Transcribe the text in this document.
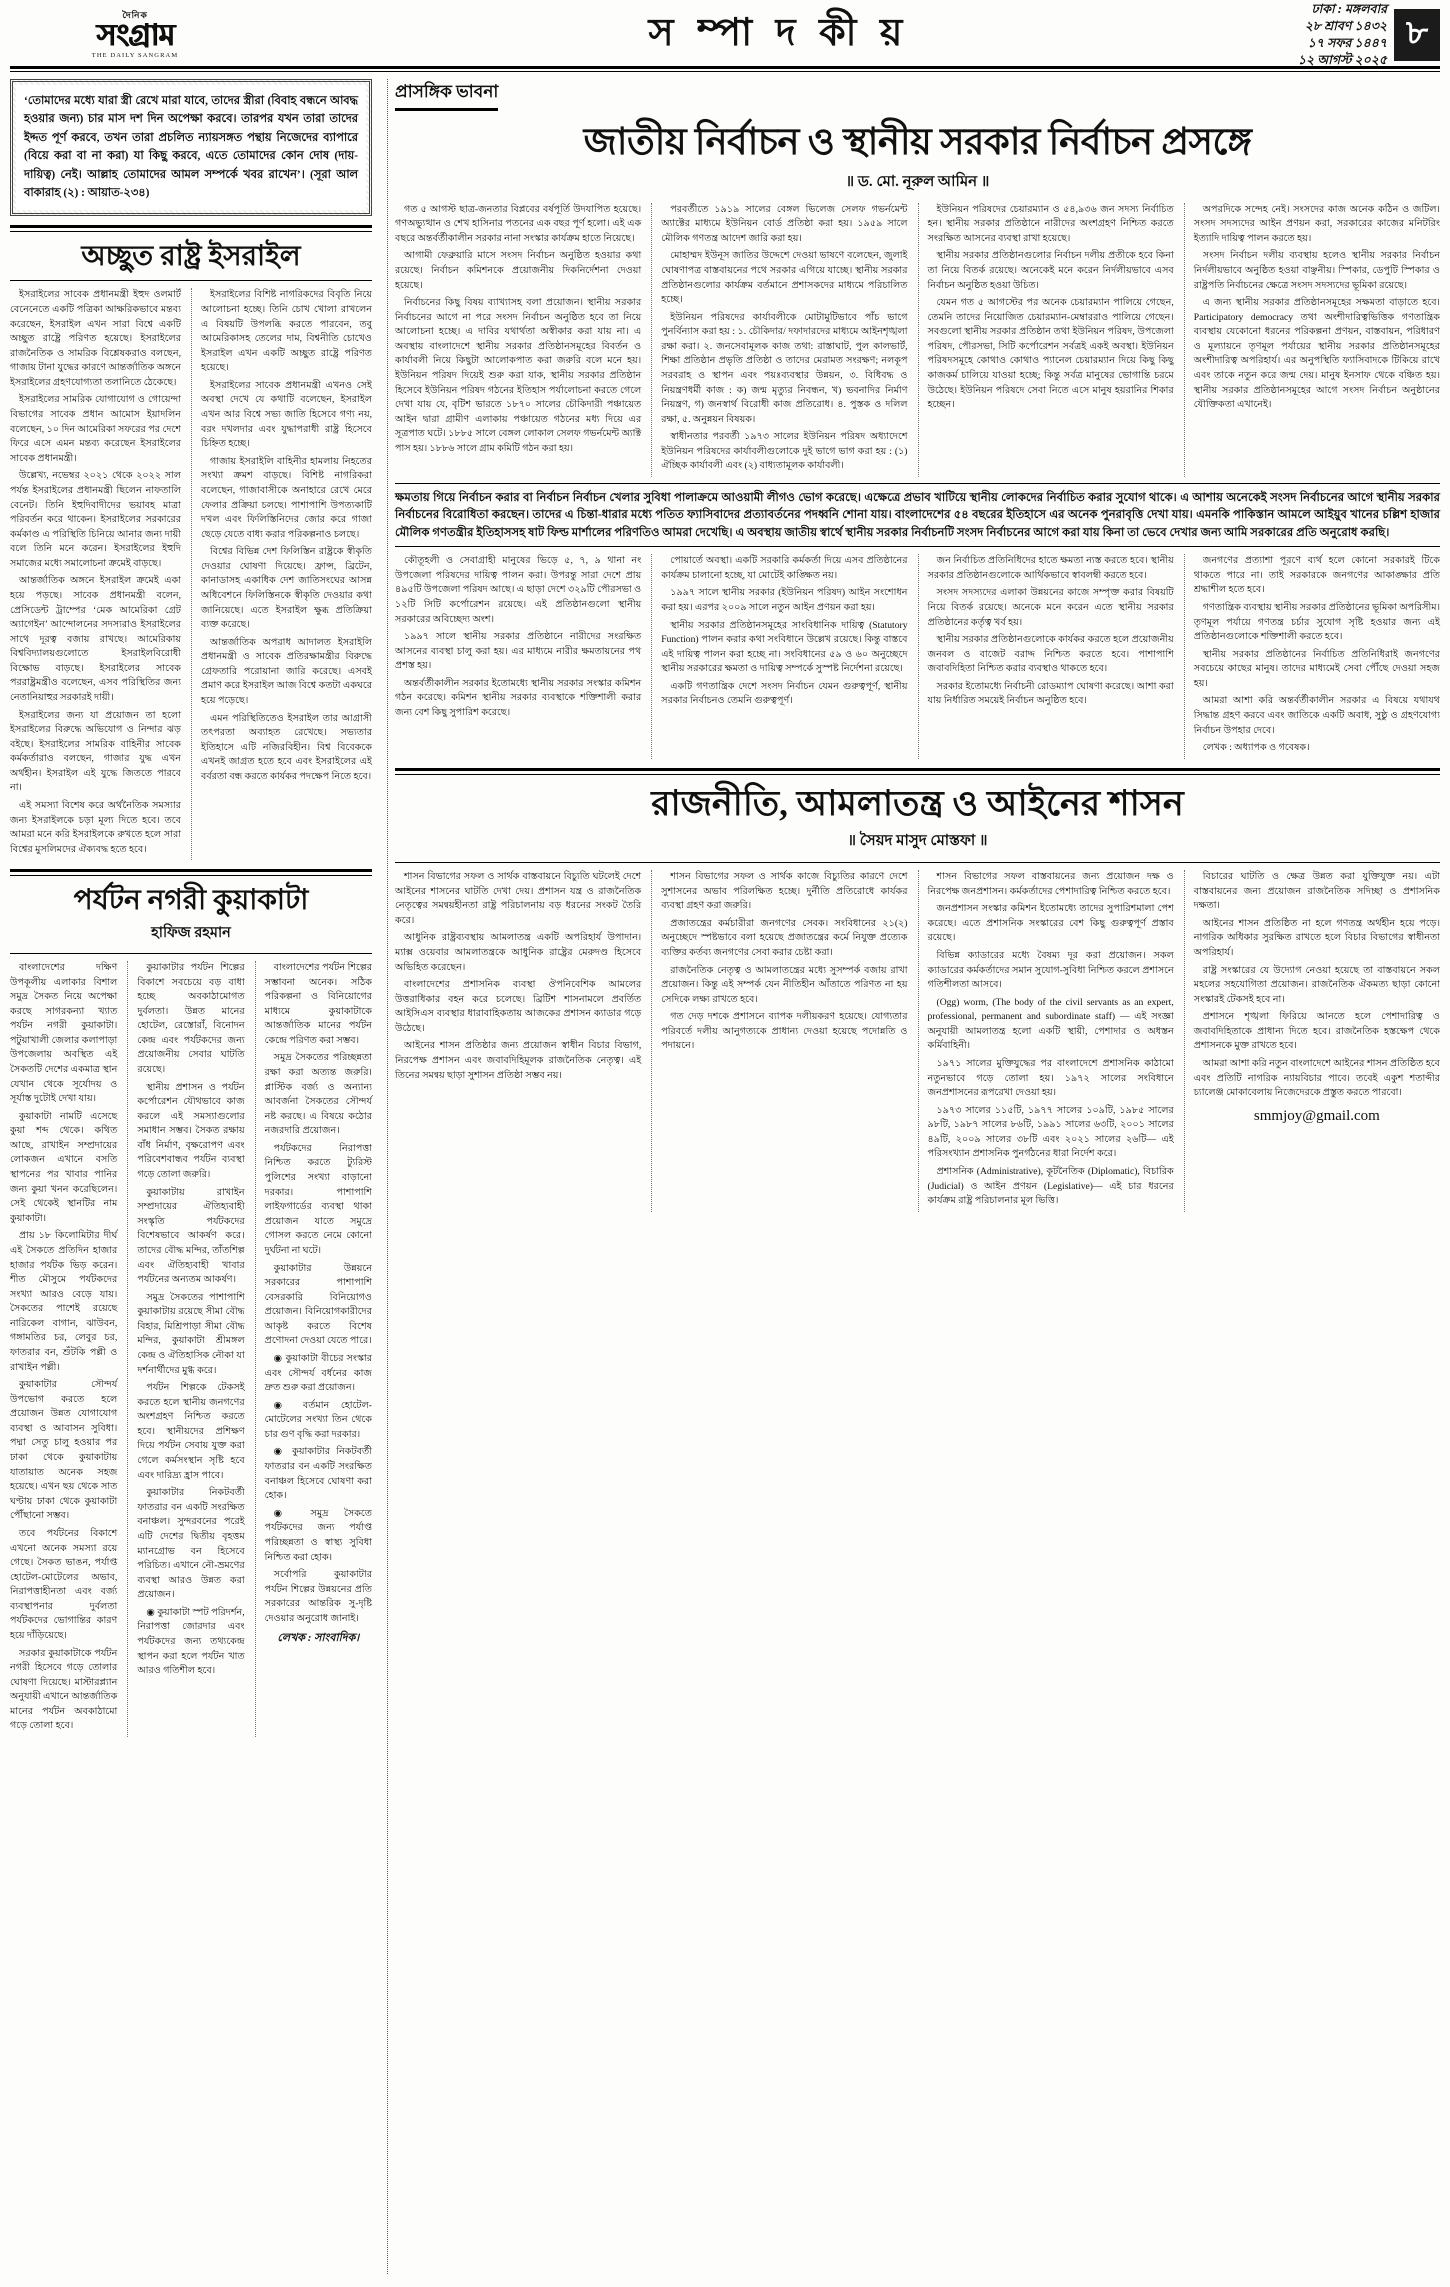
দৈনিক
সংগ্রাম
THE DAILY SANGRAM
স ম্পা দ কী য়
ঢাকা : মঙ্গলবার
২৮ শ্রাবণ ১৪৩২
১৭ সফর ১৪৪৭
১২ আগস্ট ২০২৫
৮
‘তোমাদের মধ্যে যারা স্ত্রী রেখে মারা যাবে, তাদের স্ত্রীরা (বিবাহ বন্ধনে আবদ্ধ হওয়ার জন্য) চার মাস দশ দিন অপেক্ষা করবে। তারপর যখন তারা তাদের ইদ্দত পূর্ণ করবে, তখন তারা প্রচলিত ন্যায়সঙ্গত পন্থায় নিজেদের ব্যাপারে (বিয়ে করা বা না করা) যা কিছু করবে, এতে তোমাদের কোন দোষ (দায়-দায়িত্ব) নেই। আল্লাহ তোমাদের আমল সম্পর্কে খবর রাখেন’। (সূরা আল বাকারাহ (২) : আয়াত-২৩৪)
অচ্ছুত রাষ্ট্র ইসরাইল

ইসরাইলের সাবেক প্রধানমন্ত্রী ইহুদ ওলমার্ট বেনেনেতে একটি পত্রিকা আক্ষরিকভাবে মন্তব্য করেছেন, ইসরাইল এখন সারা বিশ্বে একটি অচ্ছুত রাষ্ট্রে পরিণত হয়েছে। ইসরাইলের রাজনৈতিক ও সামরিক বিশ্লেষকরাও বলছেন, গাজায় টানা যুদ্ধের কারণে আন্তর্জাতিক অঙ্গনে ইসরাইলের গ্রহণযোগ্যতা তলানিতে ঠেকেছে।

ইসরাইলের সামরিক যোগাযোগ ও গোয়েন্দা বিভাগের সাবেক প্রধান আমোস ইয়াদলিন বলেছেন, ১০ দিন আমেরিকা সফরের পর দেশে ফিরে এসে এমন মন্তব্য করেছেন ইসরাইলের সাবেক প্রধানমন্ত্রী।

উল্লেখ্য, নভেম্বর ২০২১ থেকে ২০২২ সাল পর্যন্ত ইসরাইলের প্রধানমন্ত্রী ছিলেন নাফতালি বেনেট। তিনি ইহুদিবাদীদের ভয়াবহ মাত্রা পরিবর্তন করে থাকেন। ইসরাইলের সরকারের কর্মকাণ্ড এ পরিস্থিতি চিনিয়ে আনার জন্য দায়ী বলে তিনি মনে করেন। ইসরাইলের ইহুদি সমাজের মধ্যে সমালোচনা ক্রমেই বাড়ছে।

আন্তর্জাতিক অঙ্গনে ইসরাইল ক্রমেই একা হয়ে পড়ছে। সাবেক প্রধানমন্ত্রী বলেন, প্রেসিডেন্ট ট্রাম্পের ‘মেক আমেরিকা গ্রেট অ্যাগেইন’ আন্দোলনের সদস্যরাও ইসরাইলের সাথে দূরত্ব বজায় রাখছে। আমেরিকায় বিশ্ববিদ্যালয়গুলোতে ইসরাইলবিরোধী বিক্ষোভ বাড়ছে। ইসরাইলের সাবেক পররাষ্ট্রমন্ত্রীও বলেছেন, এসব পরিস্থিতির জন্য নেতানিয়াহুর সরকারই দায়ী।

ইসরাইলের জন্য যা প্রয়োজন তা হলো ইসরাইলের বিরুদ্ধে অভিযোগ ও নিন্দার ঝড় বইছে। ইসরাইলের সামরিক বাহিনীর সাবেক কর্মকর্তারাও বলছেন, গাজার যুদ্ধ এখন অর্থহীন। ইসরাইল এই যুদ্ধে জিততে পারবে না।

এই সমস্যা বিশেষ করে অর্থনৈতিক সমস্যার জন্য ইসরাইলকে চড়া মূল্য দিতে হবে। তবে আমরা মনে করি ইসরাইলকে রুখতে হলে সারা বিশ্বের মুসলিমদের ঐক্যবদ্ধ হতে হবে।

ইসরাইলের বিশিষ্ট নাগরিকদের বিবৃতি নিয়ে আলোচনা হচ্ছে। তিনি চোখ খোলা রাখলেন এ বিষয়টি উপলব্ধি করতে পারবেন, তবু আমেরিকাসহ তেলের দাম, বিশ্বনীতি চোখেও ইসরাইল এখন একটি অচ্ছুত রাষ্ট্রে পরিণত হয়েছে।

ইসরাইলের সাবেক প্রধানমন্ত্রী এখনও সেই অবস্থা দেখে যে কথাটি বলেছেন, ইসরাইল এখন আর বিশ্বে সভ্য জাতি হিসেবে গণ্য নয়, বরং দখলদার এবং যুদ্ধাপরাধী রাষ্ট্র হিসেবে চিহ্নিত হচ্ছে।

গাজায় ইসরাইলি বাহিনীর হামলায় নিহতের সংখ্যা ক্রমশ বাড়ছে। বিশিষ্ট নাগরিকরা বলেছেন, গাজাবাসীকে অনাহারে রেখে মেরে ফেলার প্রক্রিয়া চলছে। পাশাপাশি উপত্যকাটি দখল এবং ফিলিস্তিনিদের জোর করে গাজা ছেড়ে যেতে বাধ্য করার পরিকল্পনাও চলছে।

বিশ্বের বিভিন্ন দেশ ফিলিস্তিন রাষ্ট্রকে স্বীকৃতি দেওয়ার ঘোষণা দিয়েছে। ফ্রান্স, ব্রিটেন, কানাডাসহ একাধিক দেশ জাতিসংঘের আসন্ন অধিবেশনে ফিলিস্তিনকে স্বীকৃতি দেওয়ার কথা জানিয়েছে। এতে ইসরাইল ক্ষুব্ধ প্রতিক্রিয়া ব্যক্ত করেছে।

আন্তর্জাতিক অপরাধ আদালত ইসরাইলি প্রধানমন্ত্রী ও সাবেক প্রতিরক্ষামন্ত্রীর বিরুদ্ধে গ্রেফতারি পরোয়ানা জারি করেছে। এসবই প্রমাণ করে ইসরাইল আজ বিশ্বে কতটা একঘরে হয়ে পড়েছে।

এমন পরিস্থিতিতেও ইসরাইল তার আগ্রাসী তৎপরতা অব্যাহত রেখেছে। সভ্যতার ইতিহাসে এটি নজিরবিহীন। বিশ্ব বিবেককে এখনই জাগ্রত হতে হবে এবং ইসরাইলের এই বর্বরতা বন্ধ করতে কার্যকর পদক্ষেপ নিতে হবে।

পর্যটন নগরী কুয়াকাটা
হাফিজ রহমান

বাংলাদেশের দক্ষিণ উপকূলীয় এলাকার বিশাল সমুদ্র সৈকত নিয়ে অপেক্ষা করছে সাগরকন্যা খ্যাত পর্যটন নগরী কুয়াকাটা। পটুয়াখালী জেলার কলাপাড়া উপজেলায় অবস্থিত এই সৈকতটি দেশের একমাত্র স্থান যেখান থেকে সূর্যোদয় ও সূর্যাস্ত দুটোই দেখা যায়।

কুয়াকাটা নামটি এসেছে কুয়া শব্দ থেকে। কথিত আছে, রাখাইন সম্প্রদায়ের লোকজন এখানে বসতি স্থাপনের পর খাবার পানির জন্য কুয়া খনন করেছিলেন। সেই থেকেই স্থানটির নাম কুয়াকাটা।

প্রায় ১৮ কিলোমিটার দীর্ঘ এই সৈকতে প্রতিদিন হাজার হাজার পর্যটক ভিড় করেন। শীত মৌসুমে পর্যটকদের সংখ্যা আরও বেড়ে যায়। সৈকতের পাশেই রয়েছে নারিকেল বাগান, ঝাউবন, গঙ্গামতির চর, লেবুর চর, ফাতরার বন, শুঁটকি পল্লী ও রাখাইন পল্লী।

কুয়াকাটার সৌন্দর্য উপভোগ করতে হলে প্রয়োজন উন্নত যোগাযোগ ব্যবস্থা ও আবাসন সুবিধা। পদ্মা সেতু চালু হওয়ার পর ঢাকা থেকে কুয়াকাটায় যাতায়াত অনেক সহজ হয়েছে। এখন ছয় থেকে সাত ঘণ্টায় ঢাকা থেকে কুয়াকাটা পৌঁছানো সম্ভব।

তবে পর্যটনের বিকাশে এখনো অনেক সমস্যা রয়ে গেছে। সৈকত ভাঙন, পর্যাপ্ত হোটেল-মোটেলের অভাব, নিরাপত্তাহীনতা এবং বর্জ্য ব্যবস্থাপনার দুর্বলতা পর্যটকদের ভোগান্তির কারণ হয়ে দাঁড়িয়েছে।

সরকার কুয়াকাটাকে পর্যটন নগরী হিসেবে গড়ে তোলার ঘোষণা দিয়েছে। মাস্টারপ্ল্যান অনুযায়ী এখানে আন্তর্জাতিক মানের পর্যটন অবকাঠামো গড়ে তোলা হবে।

কুয়াকাটার পর্যটন শিল্পের বিকাশে সবচেয়ে বড় বাধা হচ্ছে অবকাঠামোগত দুর্বলতা। উন্নত মানের হোটেল, রেস্তোরাঁ, বিনোদন কেন্দ্র এবং পর্যটকদের জন্য প্রয়োজনীয় সেবার ঘাটতি রয়েছে।

স্থানীয় প্রশাসন ও পর্যটন কর্পোরেশন যৌথভাবে কাজ করলে এই সমস্যাগুলোর সমাধান সম্ভব। সৈকত রক্ষায় বাঁধ নির্মাণ, বৃক্ষরোপণ এবং পরিবেশবান্ধব পর্যটন ব্যবস্থা গড়ে তোলা জরুরি।

কুয়াকাটায় রাখাইন সম্প্রদায়ের ঐতিহ্যবাহী সংস্কৃতি পর্যটকদের বিশেষভাবে আকর্ষণ করে। তাদের বৌদ্ধ মন্দির, তাঁতশিল্প এবং ঐতিহ্যবাহী খাবার পর্যটনের অন্যতম আকর্ষণ।

সমুদ্র সৈকতের পাশাপাশি কুয়াকাটায় রয়েছে সীমা বৌদ্ধ বিহার, মিশ্রিপাড়া সীমা বৌদ্ধ মন্দির, কুয়াকাটা শ্রীমঙ্গল কেন্দ্র ও ঐতিহাসিক নৌকা যা দর্শনার্থীদের মুগ্ধ করে।

পর্যটন শিল্পকে টেকসই করতে হলে স্থানীয় জনগণের অংশগ্রহণ নিশ্চিত করতে হবে। স্থানীয়দের প্রশিক্ষণ দিয়ে পর্যটন সেবায় যুক্ত করা গেলে কর্মসংস্থান সৃষ্টি হবে এবং দারিদ্র্য হ্রাস পাবে।

কুয়াকাটার নিকটবর্তী ফাতরার বন একটি সংরক্ষিত বনাঞ্চল। সুন্দরবনের পরেই এটি দেশের দ্বিতীয় বৃহত্তম ম্যানগ্রোভ বন হিসেবে পরিচিত। এখানে নৌ-ভ্রমণের ব্যবস্থা আরও উন্নত করা প্রয়োজন।

◉ কুয়াকাটা স্পট পরিদর্শন, নিরাপত্তা জোরদার এবং পর্যটকদের জন্য তথ্যকেন্দ্র স্থাপন করা হলে পর্যটন খাত আরও গতিশীল হবে।

বাংলাদেশের পর্যটন শিল্পের সম্ভাবনা অনেক। সঠিক পরিকল্পনা ও বিনিয়োগের মাধ্যমে কুয়াকাটাকে আন্তর্জাতিক মানের পর্যটন কেন্দ্রে পরিণত করা সম্ভব।

সমুদ্র সৈকতের পরিচ্ছন্নতা রক্ষা করা অত্যন্ত জরুরি। প্লাস্টিক বর্জ্য ও অন্যান্য আবর্জনা সৈকতের সৌন্দর্য নষ্ট করছে। এ বিষয়ে কঠোর নজরদারি প্রয়োজন।

পর্যটকদের নিরাপত্তা নিশ্চিত করতে ট্যুরিস্ট পুলিশের সংখ্যা বাড়ানো দরকার। পাশাপাশি লাইফগার্ডের ব্যবস্থা থাকা প্রয়োজন যাতে সমুদ্রে গোসল করতে নেমে কোনো দুর্ঘটনা না ঘটে।

কুয়াকাটার উন্নয়নে সরকারের পাশাপাশি বেসরকারি বিনিয়োগও প্রয়োজন। বিনিয়োগকারীদের আকৃষ্ট করতে বিশেষ প্রণোদনা দেওয়া যেতে পারে।

◉ কুয়াকাটা বীচের সংস্কার এবং সৌন্দর্য বর্ধনের কাজ দ্রুত শুরু করা প্রয়োজন।

◉ বর্তমান হোটেল-মোটেলের সংখ্যা তিন থেকে চার গুণ বৃদ্ধি করা দরকার।

◉ কুয়াকাটার নিকটবর্তী ফাতরার বন একটি সংরক্ষিত বনাঞ্চল হিসেবে ঘোষণা করা হোক।

◉ সমুদ্র সৈকতে পর্যটকদের জন্য পর্যাপ্ত পরিচ্ছন্নতা ও স্বাস্থ্য সুবিধা নিশ্চিত করা হোক।

সর্বোপরি কুয়াকাটার পর্যটন শিল্পের উন্নয়নের প্রতি সরকারের আন্তরিক সু-দৃষ্টি দেওয়ার অনুরোধ জানাই।

লেখক : সাংবাদিক।
প্রাসঙ্গিক ভাবনা
জাতীয় নির্বাচন ও স্থানীয় সরকার নির্বাচন প্রসঙ্গে
॥ ড. মো. নূরুল আমিন ॥

গত ৫ আগস্ট ছাত্র-জনতার বিপ্লবের বর্ষপূর্তি উদযাপিত হয়েছে। গণঅভ্যুত্থান ও শেখ হাসিনার পতনের এক বছর পূর্ণ হলো। এই এক বছরে অন্তর্বর্তীকালীন সরকার নানা সংস্কার কার্যক্রম হাতে নিয়েছে।

আগামী ফেব্রুয়ারি মাসে সংসদ নির্বাচন অনুষ্ঠিত হওয়ার কথা রয়েছে। নির্বাচন কমিশনকে প্রয়োজনীয় দিকনির্দেশনা দেওয়া হয়েছে।

নির্বাচনের কিছু বিষয় ব্যাখ্যাসহ বলা প্রয়োজন। স্থানীয় সরকার নির্বাচনের আগে না পরে সংসদ নির্বাচন অনুষ্ঠিত হবে তা নিয়ে আলোচনা হচ্ছে। এ দাবির যথার্থতা অস্বীকার করা যায় না। এ অবস্থায় বাংলাদেশে স্থানীয় সরকার প্রতিষ্ঠানসমূহের বিবর্তন ও কার্যাবলী নিয়ে কিছুটা আলোকপাত করা জরুরি বলে মনে হয়। ইউনিয়ন পরিষদ দিয়েই শুরু করা যাক, স্থানীয় সরকার প্রতিষ্ঠান হিসেবে ইউনিয়ন পরিষদ গঠনের ইতিহাস পর্যালোচনা করতে গেলে দেখা যায় যে, বৃটিশ ভারতে ১৮৭০ সালের চৌকিদারী পঞ্চায়েত আইন দ্বারা গ্রামীণ এলাকায় পঞ্চায়েত গঠনের মধ্য দিয়ে এর সূত্রপাত ঘটে। ১৮৮৫ সালে বেঙ্গল লোকাল সেলফ গভর্নমেন্ট অ্যাক্ট পাস হয়। ১৮৮৬ সালে গ্রাম কমিটি গঠন করা হয়।

পরবর্তীতে ১৯১৯ সালের বেঙ্গল ভিলেজ সেলফ গভর্নমেন্ট অ্যাক্টের মাধ্যমে ইউনিয়ন বোর্ড প্রতিষ্ঠা করা হয়। ১৯৫৯ সালে মৌলিক গণতন্ত্র আদেশ জারি করা হয়।

মোহাম্মদ ইউনূস জাতির উদ্দেশে দেওয়া ভাষণে বলেছেন, জুলাই ঘোষণাপত্র বাস্তবায়নের পথে সরকার এগিয়ে যাচ্ছে। স্থানীয় সরকার প্রতিষ্ঠানগুলোর কার্যক্রম বর্তমানে প্রশাসকদের মাধ্যমে পরিচালিত হচ্ছে।

ইউনিয়ন পরিষদের কার্যাবলীকে মোটামুটিভাবে পাঁচ ভাগে পুনর্বিন্যাস করা হয় : ১. চৌকিদার/ দফাদারদের মাধ্যমে আইনশৃঙ্খলা রক্ষা করা। ২. জনসেবামূলক কাজ তথা: রাস্তাঘাট, পুল কালভার্ট, শিক্ষা প্রতিষ্ঠান প্রভৃতি প্রতিষ্ঠা ও তাদের মেরামত সংরক্ষণ; নলকূপ সরবরাহ ও স্থাপন এবং পয়ঃব্যবস্থার উন্নয়ন, ৩. বিধিবদ্ধ ও নিয়ন্ত্রণধর্মী কাজ : ক) জন্ম মৃত্যুর নিবন্ধন, খ) ভবনাদির নির্মাণ নিয়ন্ত্রণ, গ) জনস্বার্থ বিরোধী কাজ প্রতিরোধ। ৪. পুস্তক ও দলিল রক্ষা, ৫. অনুন্নয়ন বিষয়ক।

স্বাধীনতার পরবর্তী ১৯৭৩ সালের ইউনিয়ন পরিষদ অধ্যাদেশে ইউনিয়ন পরিষদের কার্যাবলীগুলোকে দুই ভাগে ভাগ করা হয় : (১) ঐচ্ছিক কার্যাবলী এবং (২) বাধ্যতামূলক কার্যাবলী।

ইউনিয়ন পরিষদের চেয়ারম্যান ও ৫৪,৯৩৬ জন সদস্য নির্বাচিত হন। স্থানীয় সরকার প্রতিষ্ঠানে নারীদের অংশগ্রহণ নিশ্চিত করতে সংরক্ষিত আসনের ব্যবস্থা রাখা হয়েছে।

স্থানীয় সরকার প্রতিষ্ঠানগুলোর নির্বাচন দলীয় প্রতীকে হবে কিনা তা নিয়ে বিতর্ক রয়েছে। অনেকেই মনে করেন নির্দলীয়ভাবে এসব নির্বাচন অনুষ্ঠিত হওয়া উচিত।

যেমন গত ৫ আগস্টের পর অনেক চেয়ারম্যান পালিয়ে গেছেন, তেমনি তাদের নিয়োজিত চেয়ারম্যান-মেম্বাররাও পালিয়ে গেছেন। সবগুলো স্থানীয় সরকার প্রতিষ্ঠান তথা ইউনিয়ন পরিষদ, উপজেলা পরিষদ, পৌরসভা, সিটি কর্পোরেশন সর্বত্রই একই অবস্থা। ইউনিয়ন পরিষদসমূহে কোথাও কোথাও প্যানেল চেয়ারম্যান দিয়ে কিছু কিছু কাজকর্ম চালিয়ে যাওয়া হচ্ছে; কিন্তু সর্বত্র মানুষের ভোগান্তি চরমে উঠেছে। ইউনিয়ন পরিষদে সেবা নিতে এসে মানুষ হয়রানির শিকার হচ্ছেন।

অপরদিকে সন্দেহ নেই। সংসদের কাজ অনেক কঠিন ও জটিল। সংসদ সদস্যদের আইন প্রণয়ন করা, সরকারের কাজের মনিটরিং ইত্যাদি দায়িত্ব পালন করতে হয়।

সংসদ নির্বাচন দলীয় ব্যবস্থায় হলেও স্থানীয় সরকার নির্বাচন নির্দলীয়ভাবে অনুষ্ঠিত হওয়া বাঞ্ছনীয়। স্পিকার, ডেপুটি স্পিকার ও রাষ্ট্রপতি নির্বাচনের ক্ষেত্রে সংসদ সদস্যদের ভূমিকা রয়েছে।

এ জন্য স্থানীয় সরকার প্রতিষ্ঠানসমূহের সক্ষমতা বাড়াতে হবে। Participatory democracy তথা অংশীদারিত্বভিত্তিক গণতান্ত্রিক ব্যবস্থায় যেকোনো ধরনের পরিকল্পনা প্রণয়ন, বাস্তবায়ন, পরিধারণ ও মূল্যায়নে তৃণমূল পর্যায়ের স্থানীয় সরকার প্রতিষ্ঠানসমূহের অংশীদারিত্ব অপরিহার্য। এর অনুপস্থিতি ফ্যাসিবাদকে টিকিয়ে রাখে এবং তাকে নতুন করে জন্ম দেয়। মানুষ ইনসাফ থেকে বঞ্চিত হয়। স্থানীয় সরকার প্রতিষ্ঠানসমূহের আগে সংসদ নির্বাচন অনুষ্ঠানের যৌক্তিকতা এখানেই।

ক্ষমতায় গিয়ে নির্বাচন করার বা নির্বাচন নির্বাচন খেলার সুবিধা পালাক্রমে আওয়ামী লীগও ভোগ করেছে। এক্ষেত্রে প্রভাব খাটিয়ে স্থানীয় লোকদের নির্বাচিত করার সুযোগ থাকে। এ আশায় অনেকেই সংসদ নির্বাচনের আগে স্থানীয় সরকার নির্বাচনের বিরোধিতা করছেন। তাদের এ চিন্তা-ধারার মধ্যে পতিত ফ্যাসিবাদের প্রত্যাবর্তনের পদধ্বনি শোনা যায়। বাংলাদেশের ৫৪ বছরের ইতিহাসে এর অনেক পুনরাবৃত্তি দেখা যায়। এমনকি পাকিস্তান আমলে আইয়ুব খানের চল্লিশ হাজার মৌলিক গণতন্ত্রীর ইতিহাসসহ ষাট ফিল্ড মার্শালের পরিণতিও আমরা দেখেছি। এ অবস্থায় জাতীয় স্বার্থে স্থানীয় সরকার নির্বাচনটি সংসদ নির্বাচনের আগে করা যায় কিনা তা ভেবে দেখার জন্য আমি সরকারের প্রতি অনুরোধ করছি।

কৌতূহলী ও সেবাগ্রাহী মানুষের ভিড়ে ৫, ৭, ৯ থানা নং উপজেলা পরিষদের দায়িত্ব পালন করা। উপরন্তু সারা দেশে প্রায় ৪৯৫টি উপজেলা পরিষদ আছে। এ ছাড়া দেশে ৩২৯টি পৌরসভা ও ১২টি সিটি কর্পোরেশন রয়েছে। এই প্রতিষ্ঠানগুলো স্থানীয় সরকারের অবিচ্ছেদ্য অংশ।

১৯৯৭ সালে স্থানীয় সরকার প্রতিষ্ঠানে নারীদের সংরক্ষিত আসনের ব্যবস্থা চালু করা হয়। এর মাধ্যমে নারীর ক্ষমতায়নের পথ প্রশস্ত হয়।

অন্তর্বর্তীকালীন সরকার ইতোমধ্যে স্থানীয় সরকার সংস্কার কমিশন গঠন করেছে। কমিশন স্থানীয় সরকার ব্যবস্থাকে শক্তিশালী করার জন্য বেশ কিছু সুপারিশ করেছে।

পোয়ার্তে অবস্থা। একটি সরকারি কর্মকর্তা দিয়ে এসব প্রতিষ্ঠানের কার্যক্রম চালানো হচ্ছে, যা মোটেই কাঙ্ক্ষিত নয়।

১৯৯৭ সালে স্থানীয় সরকার (ইউনিয়ন পরিষদ) আইন সংশোধন করা হয়। এরপর ২০০৯ সালে নতুন আইন প্রণয়ন করা হয়।

স্থানীয় সরকার প্রতিষ্ঠানসমূহের সাংবিধানিক দায়িত্ব (Statutory Function) পালন করার কথা সংবিধানে উল্লেখ রয়েছে। কিন্তু বাস্তবে এই দায়িত্ব পালন করা হচ্ছে না। সংবিধানের ৫৯ ও ৬০ অনুচ্ছেদে স্থানীয় সরকারের ক্ষমতা ও দায়িত্ব সম্পর্কে সুস্পষ্ট নির্দেশনা রয়েছে।

একটি গণতান্ত্রিক দেশে সংসদ নির্বাচন যেমন গুরুত্বপূর্ণ, স্থানীয় সরকার নির্বাচনও তেমনি গুরুত্বপূর্ণ।

জন নির্বাচিত প্রতিনিধিদের হাতে ক্ষমতা ন্যস্ত করতে হবে। স্থানীয় সরকার প্রতিষ্ঠানগুলোকে আর্থিকভাবে স্বাবলম্বী করতে হবে।

সংসদ সদস্যদের এলাকা উন্নয়নের কাজে সম্পৃক্ত করার বিষয়টি নিয়ে বিতর্ক রয়েছে। অনেকে মনে করেন এতে স্থানীয় সরকার প্রতিষ্ঠানের কর্তৃত্ব খর্ব হয়।

স্থানীয় সরকার প্রতিষ্ঠানগুলোকে কার্যকর করতে হলে প্রয়োজনীয় জনবল ও বাজেট বরাদ্দ নিশ্চিত করতে হবে। পাশাপাশি জবাবদিহিতা নিশ্চিত করার ব্যবস্থাও থাকতে হবে।

সরকার ইতোমধ্যে নির্বাচনী রোডম্যাপ ঘোষণা করেছে। আশা করা যায় নির্ধারিত সময়েই নির্বাচন অনুষ্ঠিত হবে।

জনগণের প্রত্যাশা পূরণে ব্যর্থ হলে কোনো সরকারই টিকে থাকতে পারে না। তাই সরকারকে জনগণের আকাঙ্ক্ষার প্রতি শ্রদ্ধাশীল হতে হবে।

গণতান্ত্রিক ব্যবস্থায় স্থানীয় সরকার প্রতিষ্ঠানের ভূমিকা অপরিসীম। তৃণমূল পর্যায়ে গণতন্ত্র চর্চার সুযোগ সৃষ্টি হওয়ার জন্য এই প্রতিষ্ঠানগুলোকে শক্তিশালী করতে হবে।

স্থানীয় সরকার প্রতিষ্ঠানের নির্বাচিত প্রতিনিধিরাই জনগণের সবচেয়ে কাছের মানুষ। তাদের মাধ্যমেই সেবা পৌঁছে দেওয়া সহজ হয়।

আমরা আশা করি অন্তর্বর্তীকালীন সরকার এ বিষয়ে যথাযথ সিদ্ধান্ত গ্রহণ করবে এবং জাতিকে একটি অবাধ, সুষ্ঠু ও গ্রহণযোগ্য নির্বাচন উপহার দেবে।

লেখক : অধ্যাপক ও গবেষক।

রাজনীতি, আমলাতন্ত্র ও আইনের শাসন
॥ সৈয়দ মাসুদ মোস্তফা ॥

শাসন বিভাগের সফল ও সার্থক বাস্তবায়নে বিচ্যুতি ঘটলেই দেশে আইনের শাসনের ঘাটতি দেখা দেয়। প্রশাসন যন্ত্র ও রাজনৈতিক নেতৃত্বের সমন্বয়হীনতা রাষ্ট্র পরিচালনায় বড় ধরনের সংকট তৈরি করে।

আধুনিক রাষ্ট্রব্যবস্থায় আমলাতন্ত্র একটি অপরিহার্য উপাদান। ম্যাক্স ওয়েবার আমলাতন্ত্রকে আধুনিক রাষ্ট্রের মেরুদণ্ড হিসেবে অভিহিত করেছেন।

বাংলাদেশের প্রশাসনিক ব্যবস্থা ঔপনিবেশিক আমলের উত্তরাধিকার বহন করে চলেছে। ব্রিটিশ শাসনামলে প্রবর্তিত আইসিএস ব্যবস্থার ধারাবাহিকতায় আজকের প্রশাসন ক্যাডার গড়ে উঠেছে।

আইনের শাসন প্রতিষ্ঠার জন্য প্রয়োজন স্বাধীন বিচার বিভাগ, নিরপেক্ষ প্রশাসন এবং জবাবদিহিমূলক রাজনৈতিক নেতৃত্ব। এই তিনের সমন্বয় ছাড়া সুশাসন প্রতিষ্ঠা সম্ভব নয়।

শাসন বিভাগের সফল ও সার্থক কাজে বিচ্যুতির কারণে দেশে সুশাসনের অভাব পরিলক্ষিত হচ্ছে। দুর্নীতি প্রতিরোধে কার্যকর ব্যবস্থা গ্রহণ করা জরুরি।

প্রজাতন্ত্রের কর্মচারীরা জনগণের সেবক। সংবিধানের ২১(২) অনুচ্ছেদে স্পষ্টভাবে বলা হয়েছে প্রজাতন্ত্রের কর্মে নিযুক্ত প্রত্যেক ব্যক্তির কর্তব্য জনগণের সেবা করার চেষ্টা করা।

রাজনৈতিক নেতৃত্ব ও আমলাতন্ত্রের মধ্যে সুসম্পর্ক বজায় রাখা প্রয়োজন। কিন্তু এই সম্পর্ক যেন নীতিহীন আঁতাতে পরিণত না হয় সেদিকে লক্ষ্য রাখতে হবে।

গত দেড় দশকে প্রশাসনে ব্যাপক দলীয়করণ হয়েছে। যোগ্যতার পরিবর্তে দলীয় আনুগত্যকে প্রাধান্য দেওয়া হয়েছে পদোন্নতি ও পদায়নে।

শাসন বিভাগের সফল বাস্তবায়নের জন্য প্রয়োজন দক্ষ ও নিরপেক্ষ জনপ্রশাসন। কর্মকর্তাদের পেশাদারিত্ব নিশ্চিত করতে হবে।

জনপ্রশাসন সংস্কার কমিশন ইতোমধ্যে তাদের সুপারিশমালা পেশ করেছে। এতে প্রশাসনিক সংস্কারের বেশ কিছু গুরুত্বপূর্ণ প্রস্তাব রয়েছে।

বিভিন্ন ক্যাডারের মধ্যে বৈষম্য দূর করা প্রয়োজন। সকল ক্যাডারের কর্মকর্তাদের সমান সুযোগ-সুবিধা নিশ্চিত করলে প্রশাসনে গতিশীলতা আসবে।

(Ogg) worm, (The body of the civil servants as an expert, professional, permanent and subordinate staff) — এই সংজ্ঞা অনুযায়ী আমলাতন্ত্র হলো একটি স্থায়ী, পেশাদার ও অধস্তন কর্মিবাহিনী।

১৯৭১ সালের মুক্তিযুদ্ধের পর বাংলাদেশে প্রশাসনিক কাঠামো নতুনভাবে গড়ে তোলা হয়। ১৯৭২ সালের সংবিধানে জনপ্রশাসনের রূপরেখা দেওয়া হয়।

১৯৭৩ সালের ১১৫টি, ১৯৭৭ সালের ১০৯টি, ১৯৮৫ সালের ৯৮টি, ১৯৮৭ সালের ৮৬টি, ১৯৯১ সালের ৬৩টি, ২০০১ সালের ৪৯টি, ২০০৯ সালের ৩৮টি এবং ২০২১ সালের ২৬টি— এই পরিসংখ্যান প্রশাসনিক পুনর্গঠনের ধারা নির্দেশ করে।

প্রশাসনিক (Administrative), কূটনৈতিক (Diplomatic), বিচারিক (Judicial) ও আইন প্রণয়ন (Legislative)— এই চার ধরনের কার্যক্রম রাষ্ট্র পরিচালনার মূল ভিত্তি।

বিচারের ঘাটতি ও ক্ষেত্র উন্নত করা যুক্তিযুক্ত নয়। এটা বাস্তবায়নের জন্য প্রয়োজন রাজনৈতিক সদিচ্ছা ও প্রশাসনিক দক্ষতা।

আইনের শাসন প্রতিষ্ঠিত না হলে গণতন্ত্র অর্থহীন হয়ে পড়ে। নাগরিক অধিকার সুরক্ষিত রাখতে হলে বিচার বিভাগের স্বাধীনতা অপরিহার্য।

রাষ্ট্র সংস্কারের যে উদ্যোগ নেওয়া হয়েছে তা বাস্তবায়নে সকল মহলের সহযোগিতা প্রয়োজন। রাজনৈতিক ঐকমত্য ছাড়া কোনো সংস্কারই টেকসই হবে না।

প্রশাসনে শৃঙ্খলা ফিরিয়ে আনতে হলে পেশাদারিত্ব ও জবাবদিহিতাকে প্রাধান্য দিতে হবে। রাজনৈতিক হস্তক্ষেপ থেকে প্রশাসনকে মুক্ত রাখতে হবে।

আমরা আশা করি নতুন বাংলাদেশে আইনের শাসন প্রতিষ্ঠিত হবে এবং প্রতিটি নাগরিক ন্যায়বিচার পাবে। তবেই একুশ শতাব্দীর চ্যালেঞ্জ মোকাবেলায় নিজেদেরকে প্রস্তুত করতে পারবো।

smmjoy@gmail.com
